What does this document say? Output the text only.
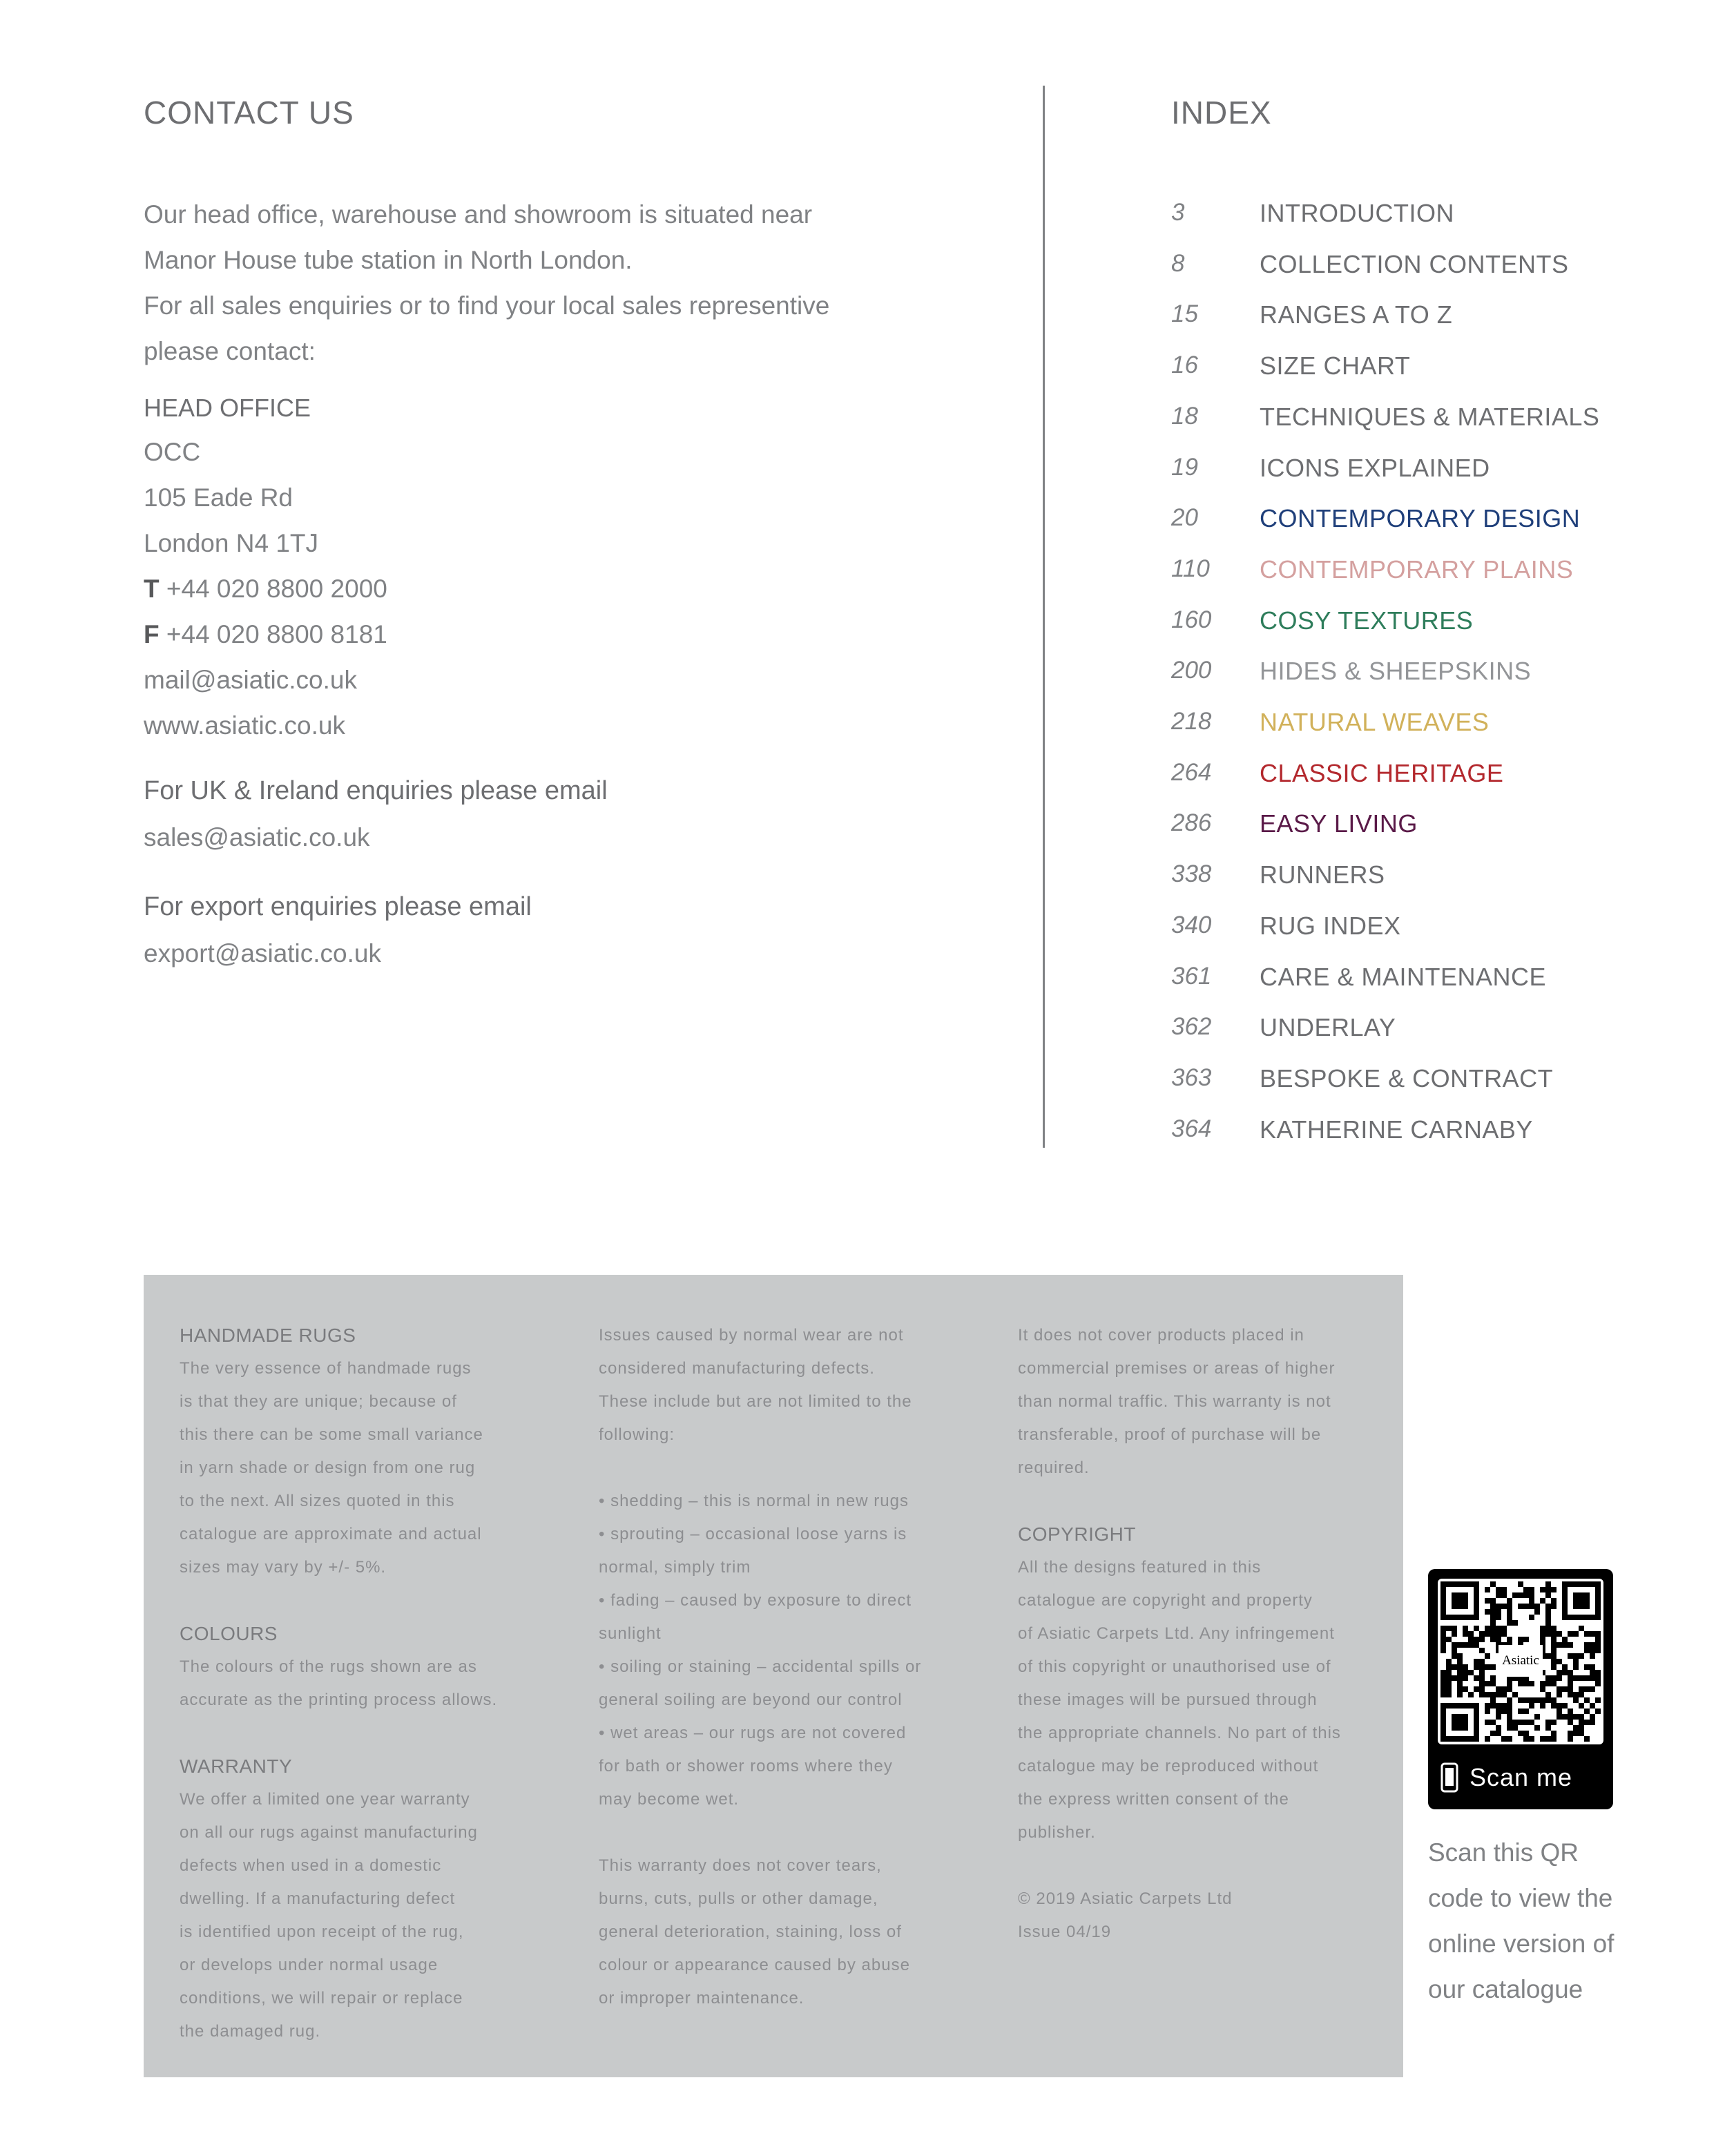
CONTACT US
Our head office, warehouse and showroom is situated near
Manor House tube station in North London.
For all sales enquiries or to find your local sales representive
please contact:
HEAD OFFICE
OCC
105 Eade Rd
London N4 1TJ
T +44 020 8800 2000
F +44 020 8800 8181
mail@asiatic.co.uk
www.asiatic.co.uk
For UK & Ireland enquiries please email
sales@asiatic.co.uk
For export enquiries please email
export@asiatic.co.uk
INDEX
3	INTRODUCTION
8	COLLECTION CONTENTS
15 RANGES A TO Z
16 SIZE CHART
18 TECHNIQUES & MATERIALS
19 ICONS EXPLAINED
20 CONTEMPORARY DESIGN
110 CONTEMPORARY PLAINS
160 COSY TEXTURES
200 HIDES & SHEEPSKINS
218 NATURAL WEAVES
264 CLASSIC HERITAGE
286 EASY LIVING
338 RUNNERS
340 RUG INDEX
361 CARE & MAINTENANCE
362 UNDERLAY
363 BESPOKE & CONTRACT
364 KATHERINE CARNABY

HANDMADE RUGS

The very essence of handmade rugs

is that they are unique; because of

this there can be some small variance

in yarn shade or design from one rug

to the next. All sizes quoted in this

catalogue are approximate and actual

sizes may vary by +/- 5%.

COLOURS

The colours of the rugs shown are as

accurate as the printing process allows.

WARRANTY

We offer a limited one year warranty

on all our rugs against manufacturing

defects when used in a domestic

dwelling. If a manufacturing defect

is identified upon receipt of the rug,

or develops under normal usage

conditions, we will repair or replace

the damaged rug.

Issues caused by normal wear are not

considered manufacturing defects.

These include but are not limited to the

following:

• shedding – this is normal in new rugs

• sprouting – occasional loose yarns is

normal, simply trim

• fading – caused by exposure to direct

sunlight

• soiling or staining – accidental spills or

general soiling are beyond our control

• wet areas – our rugs are not covered

for bath or shower rooms where they

may become wet.

This warranty does not cover tears,

burns, cuts, pulls or other damage,

general deterioration, staining, loss of

colour or appearance caused by abuse

or improper maintenance.

It does not cover products placed in

commercial premises or areas of higher

than normal traffic. This warranty is not

transferable, proof of purchase will be

required.

COPYRIGHT

All the designs featured in this

catalogue are copyright and property

of Asiatic Carpets Ltd. Any infringement

of this copyright or unauthorised use of

these images will be pursued through

the appropriate channels. No part of this

catalogue may be reproduced without

the express written consent of the

publisher.

© 2019 Asiatic Carpets Ltd

Issue 04/19

Asiatic
Scan me
Scan this QR
code to view the
online version of
our catalogue
